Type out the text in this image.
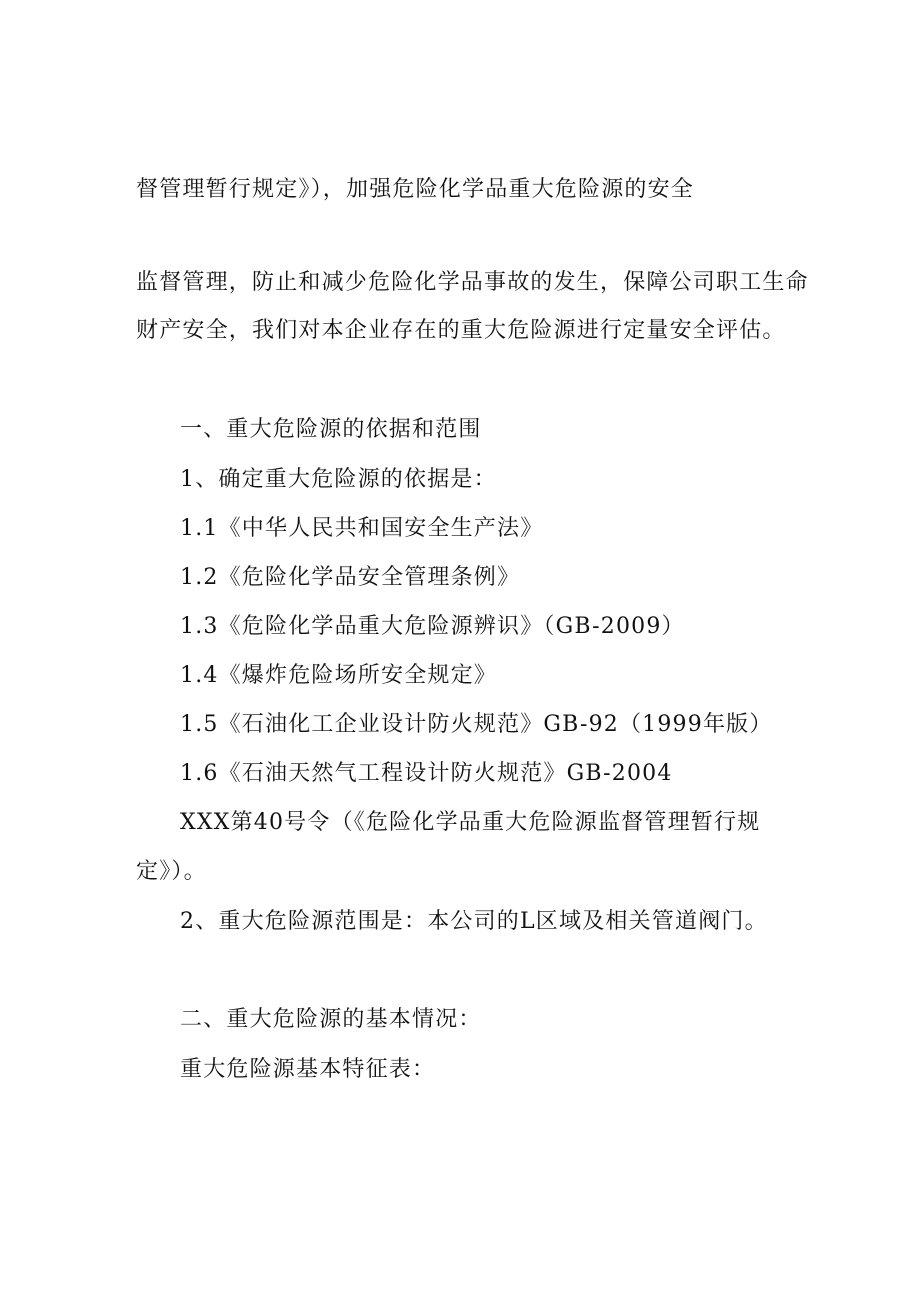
督管理暂行规定》），加强危险化学品重大危险源的安全
监督管理，防止和减少危险化学品事故的发生，保障公司职工生命
财产安全，我们对本企业存在的重大危险源进行定量安全评估。
一、重大危险源的依据和范围
1、确定重大危险源的依据是：
1.1《中华人民共和国安全生产法》
1.2《危险化学品安全管理条例》
1.3《危险化学品重大危险源辨识》（GB-2009）
1.4《爆炸危险场所安全规定》
1.5《石油化工企业设计防火规范》GB-92（1999年版）
1.6《石油天然气工程设计防火规范》GB-2004
XXX第40号令（《危险化学品重大危险源监督管理暂行规
定》）。
2、重大危险源范围是：本公司的L区域及相关管道阀门。
二、重大危险源的基本情况：
重大危险源基本特征表：
